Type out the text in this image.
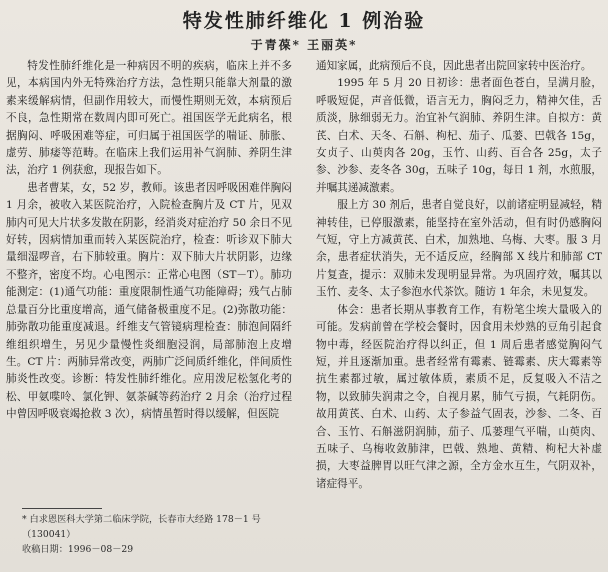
特发性肺纤维化 1 例治验
于青葆* 王丽英*

特发性肺纤维化是一种病因不明的疾病，临床上并不多见，本病国内外无特殊治疗方法，急性期只能靠大剂量的激素来缓解病情，但副作用较大，而慢性期则无效，本病预后不良，急性期常在数周内即可死亡。祖国医学无此病名，根据胸闷、呼吸困难等症，可归属于祖国医学的喘证、肺胀、虚劳、肺痿等范畴。在临床上我们运用补气润肺、养阴生津法，治疗 1 例获愈，现报告如下。

患者曹某，女，52 岁，教师。该患者因呼吸困难伴胸闷 1 月余，被收入某医院治疗，入院检查胸片及 CT 片，见双肺内可见大片状多发散在阴影，经消炎对症治疗 50 余日不见好转，因病情加重而转入某医院治疗，检查：听诊双下肺大量细湿啰音，右下肺较重。胸片：双下肺大片状阴影，边缘不整齐，密度不均。心电图示：正常心电图（ST－T）。肺功能测定：(1)通气功能：重度限制性通气功能障碍；残气占肺总量百分比重度增高，通气储备极重度不足。(2)弥散功能：肺弥散功能重度减退。纤维支气管镜病理检查：肺泡间隔纤维组织增生，另见少量慢性炎细胞浸润，局部肺泡上皮增生。CT 片：两肺异常改变，两肺广泛间质纤维化，伴间质性肺炎性改变。诊断：特发性肺纤维化。应用泼尼松氢化考的松、甲氨喋呤、氯化钾、氨茶碱等药治疗 2 月余（治疗过程中曾因呼吸衰竭抢救 3 次），病情虽暂时得以缓解，但医院

通知家属，此病预后不良，因此患者出院回家转中医治疗。

1995 年 5 月 20 日初诊：患者面色苍白，呈满月脸，呼吸短促，声音低微，语言无力，胸闷乏力，精神欠佳，舌质淡，脉细弱无力。治宜补气润肺、养阴生津。自拟方：黄芪、白术、天冬、石斛、枸杞、茄子、瓜蒌、巴戟各 15g，女贞子、山萸肉各 20g，玉竹、山药、百合各 25g，太子参、沙参、麦冬各 30g，五味子 10g，每日 1 剂，水煎服，并嘱其递减激素。

服上方 30 剂后，患者自觉良好，以前诸症明显减轻，精神转佳，已停服激素，能坚持在室外活动，但有时仍感胸闷气短，守上方减黄芪、白术，加熟地、乌梅、大枣。服 3 月余，患者症状消失，无不适反应，经胸部 X 线片和肺部 CT 片复查，提示：双肺未发现明显异常。为巩固疗效，嘱其以玉竹、麦冬、太子参泡水代茶饮。随访 1 年余，未见复发。

体会：患者长期从事教育工作，有粉笔尘埃大量吸入的可能。发病前曾在学校会餐时，因食用未炒熟的豆角引起食物中毒，经医院治疗得以纠正，但 1 周后患者感觉胸闷气短，并且逐渐加重。患者经常有霉素、链霉素、庆大霉素等抗生素都过敏，属过敏体质，素质不足，反复吸入不洁之物，以致肺失润肃之令，自视月累，肺气亏损，气耗阴伤。故用黄芪、白术、山药、太子参益气固表，沙参、二冬、百合、玉竹、石斛滋阴润肺，茄子、瓜蒌理气平喘，山萸肉、五味子、乌梅收敛肺津，巴戟、熟地、黄精、枸杞大补虚损，大枣益脾胃以旺气津之源，全方金水互生，气阴双补，诸症得平。

* 白求恩医科大学第二临床学院，长春市大经路 178－1 号（130041）
收稿日期：1996－08－29
